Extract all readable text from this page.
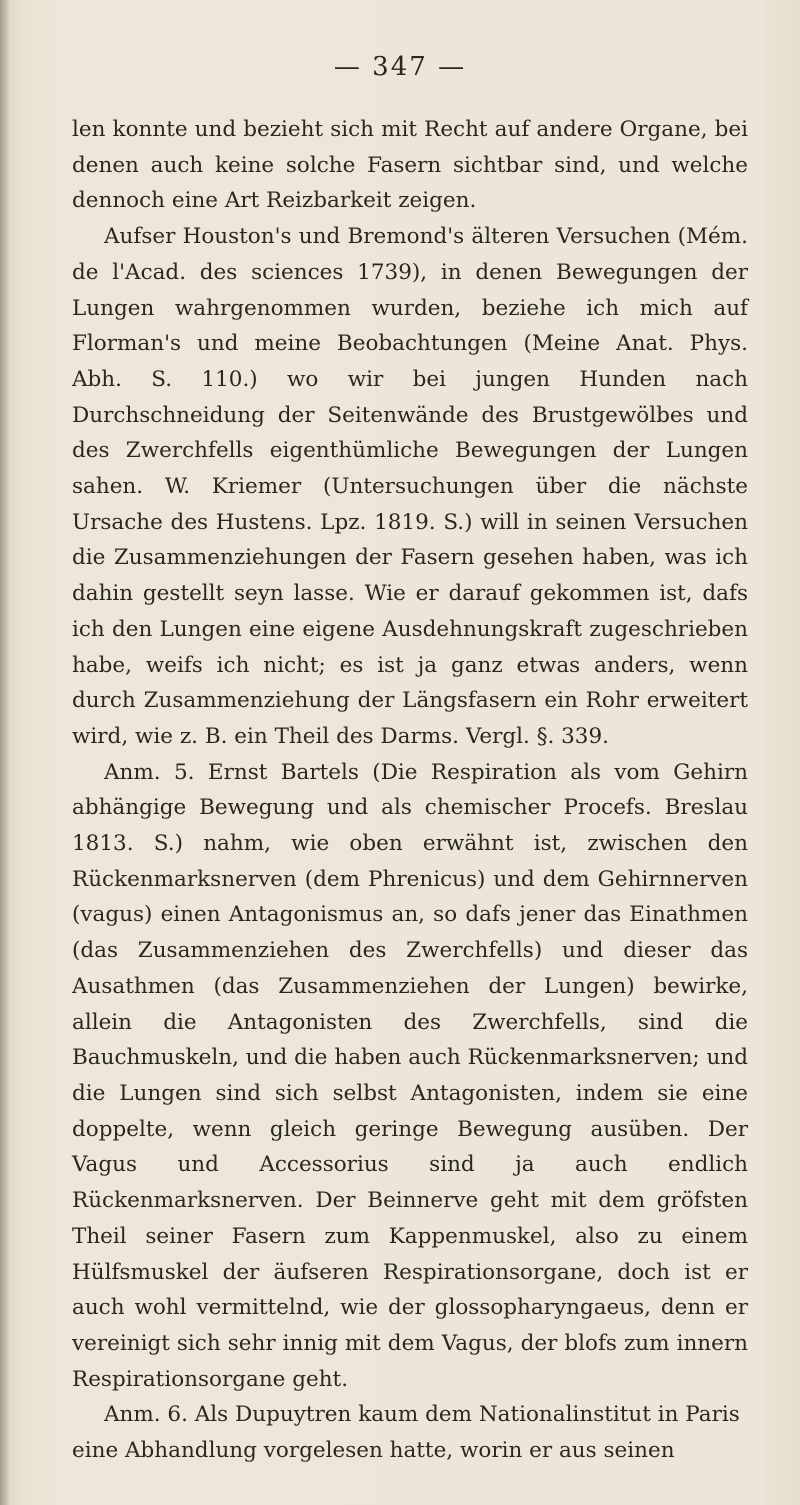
— 347 —

len konnte und bezieht sich mit Recht auf andere Organe, bei denen auch keine solche Fasern sichtbar sind, und welche dennoch eine Art Reizbarkeit zeigen.

Aufser Houston's und Bremond's älteren Versuchen (Mém. de l'Acad. des sciences 1739), in denen Bewegungen der Lungen wahrgenommen wurden, beziehe ich mich auf Florman's und meine Beobachtungen (Meine Anat. Phys. Abh. S. 110.) wo wir bei jungen Hunden nach Durchschneidung der Seitenwände des Brustgewölbes und des Zwerchfells eigenthümliche Bewegungen der Lungen sahen. W. Kriemer (Untersuchungen über die nächste Ursache des Hustens. Lpz. 1819. S.) will in seinen Versuchen die Zusammenziehungen der Fasern gesehen haben, was ich dahin gestellt seyn lasse. Wie er darauf gekommen ist, dafs ich den Lungen eine eigene Ausdehnungskraft zugeschrieben habe, weifs ich nicht; es ist ja ganz etwas anders, wenn durch Zusammenziehung der Längsfasern ein Rohr erweitert wird, wie z. B. ein Theil des Darms. Vergl. §. 339.

Anm. 5. Ernst Bartels (Die Respiration als vom Gehirn abhängige Bewegung und als chemischer Procefs. Breslau 1813. S.) nahm, wie oben erwähnt ist, zwischen den Rückenmarksnerven (dem Phrenicus) und dem Gehirnnerven (vagus) einen Antagonismus an, so dafs jener das Einathmen (das Zusammenziehen des Zwerchfells) und dieser das Ausathmen (das Zusammenziehen der Lungen) bewirke, allein die Antagonisten des Zwerchfells, sind die Bauchmuskeln, und die haben auch Rückenmarksnerven; und die Lungen sind sich selbst Antagonisten, indem sie eine doppelte, wenn gleich geringe Bewegung ausüben. Der Vagus und Accessorius sind ja auch endlich Rückenmarksnerven. Der Beinnerve geht mit dem gröfsten Theil seiner Fasern zum Kappenmuskel, also zu einem Hülfsmuskel der äufseren Respirationsorgane, doch ist er auch wohl vermittelnd, wie der glossopharyngaeus, denn er vereinigt sich sehr innig mit dem Vagus, der blofs zum innern Respirationsorgane geht.

Anm. 6. Als Dupuytren kaum dem Nationalinstitut in Paris eine Abhandlung vorgelesen hatte, worin er aus seinen
